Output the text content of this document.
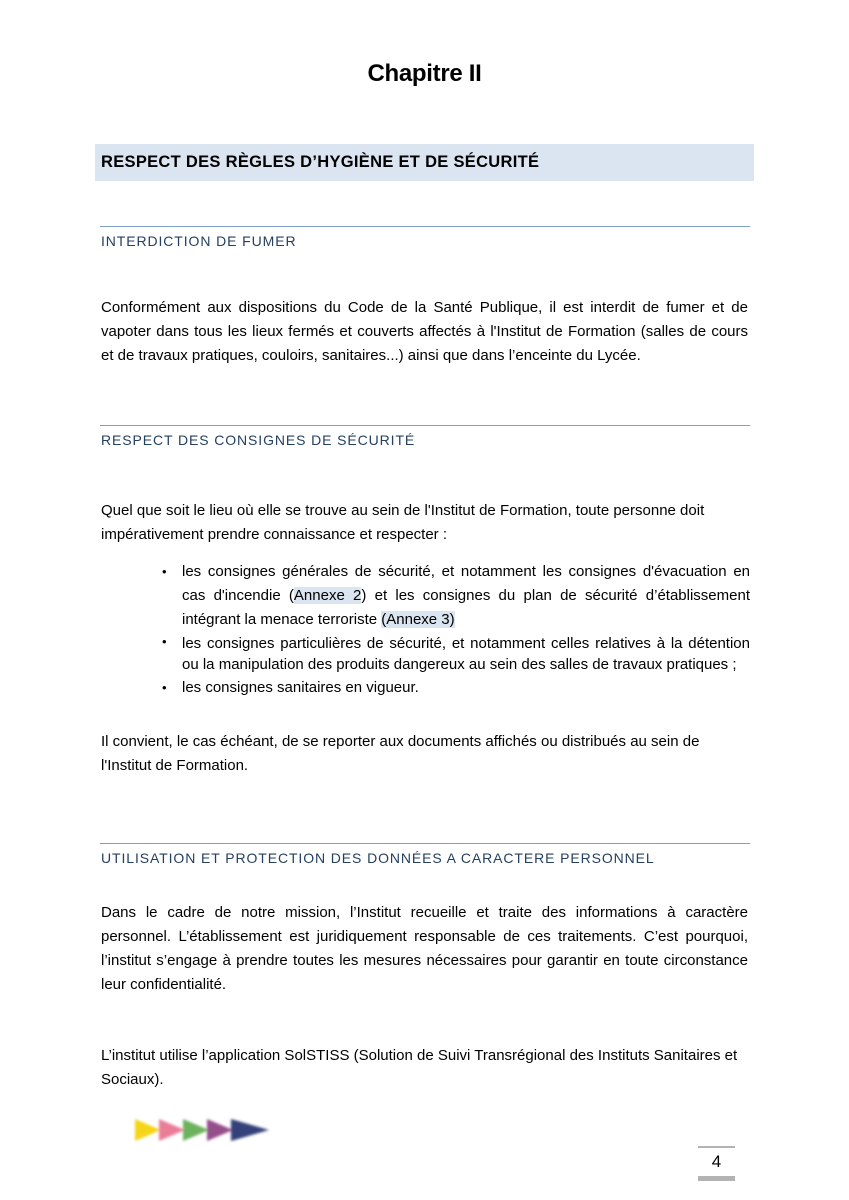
Chapitre II
RESPECT DES RÈGLES D’HYGIÈNE ET DE SÉCURITÉ
INTERDICTION DE FUMER

Conformément aux dispositions du Code de la Santé Publique, il est interdit de fumer et de vapoter dans tous les lieux fermés et couverts affectés à l'Institut de Formation (salles de cours et de travaux pratiques, couloirs, sanitaires...) ainsi que dans l’enceinte du Lycée.

RESPECT DES CONSIGNES DE SÉCURITÉ

Quel que soit le lieu où elle se trouve au sein de l'Institut de Formation, toute personne doit impérativement prendre connaissance et respecter :

• les consignes générales de sécurité, et notamment les consignes d'évacuation en cas d'incendie (Annexe 2) et les consignes du plan de sécurité d’établissement intégrant la menace terroriste (Annexe 3)
• les consignes particulières de sécurité, et notamment celles relatives à la détention ou la manipulation des produits dangereux au sein des salles de travaux pratiques ;
• les consignes sanitaires en vigueur.

Il convient, le cas échéant, de se reporter aux documents affichés ou distribués au sein de l'Institut de Formation.

UTILISATION ET PROTECTION DES DONNÉES A CARACTERE PERSONNEL

Dans le cadre de notre mission, l’Institut recueille et traite des informations à caractère personnel. L’établissement est juridiquement responsable de ces traitements. C’est pourquoi, l’institut s’engage à prendre toutes les mesures nécessaires pour garantir en toute circonstance leur confidentialité.

L’institut utilise l’application SolSTISS (Solution de Suivi Transrégional des Instituts Sanitaires et Sociaux).

4
